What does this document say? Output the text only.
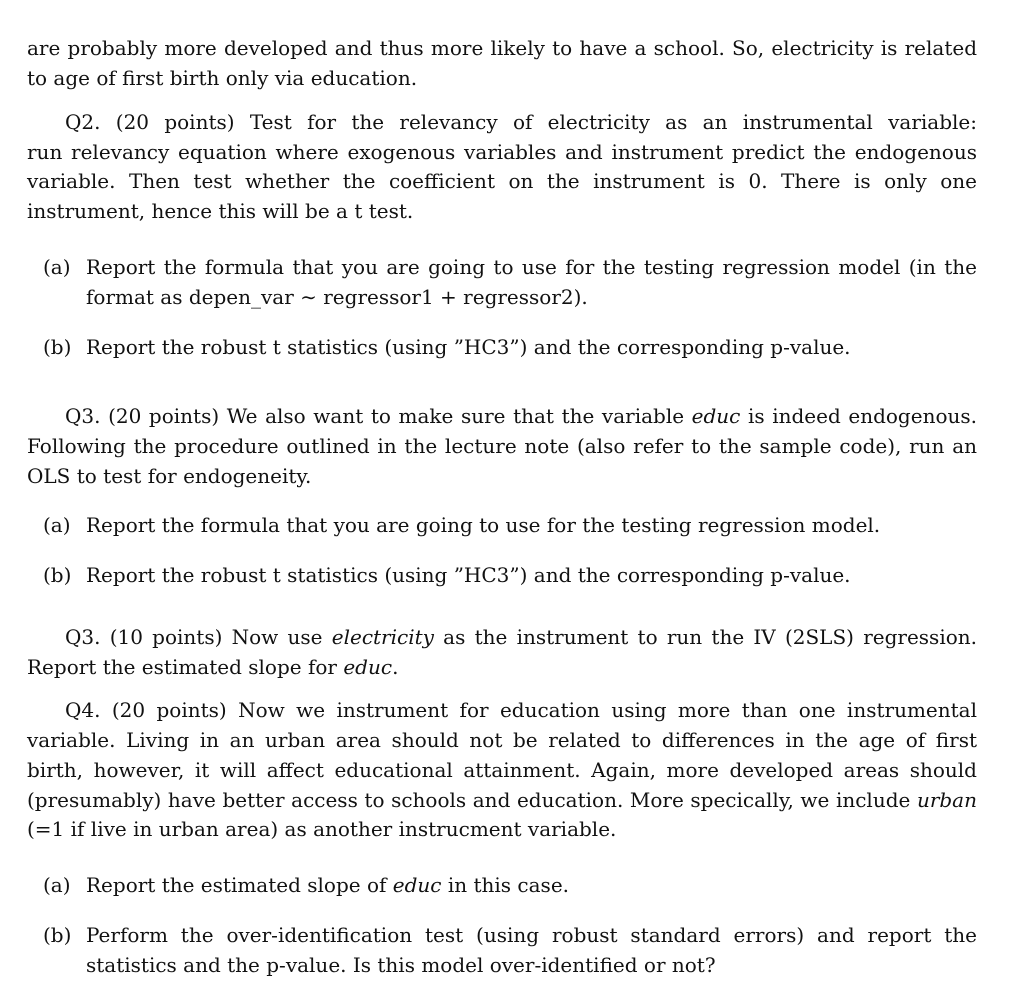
are probably more developed and thus more likely to have a school. So, electricity is related
to age of first birth only via education.
Q2. (20 points) Test for the relevancy of electricity as an instrumental variable:
run relevancy equation where exogenous variables and instrument predict the endogenous
variable. Then test whether the coefficient on the instrument is 0. There is only one
instrument, hence this will be a t test.
(a) Report the formula that you are going to use for the testing regression model (in the
format as depen_var ∼ regressor1 + regressor2).
(b) Report the robust t statistics (using ”HC3”) and the corresponding p-value.
Q3. (20 points) We also want to make sure that the variable educ is indeed endogenous.
Following the procedure outlined in the lecture note (also refer to the sample code), run an
OLS to test for endogeneity.
(a) Report the formula that you are going to use for the testing regression model.
(b) Report the robust t statistics (using ”HC3”) and the corresponding p-value.
Q3. (10 points) Now use electricity as the instrument to run the IV (2SLS) regression.
Report the estimated slope for educ.
Q4. (20 points) Now we instrument for education using more than one instrumental
variable. Living in an urban area should not be related to differences in the age of first
birth, however, it will affect educational attainment. Again, more developed areas should
(presumably) have better access to schools and education. More specically, we include urban
(=1 if live in urban area) as another instrucment variable.
(a) Report the estimated slope of educ in this case.
(b) Perform the over-identification test (using robust standard errors) and report the
statistics and the p-value. Is this model over-identified or not?
